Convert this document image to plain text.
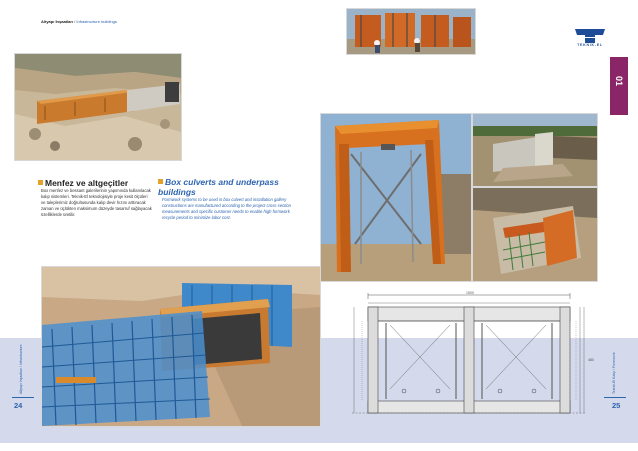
Altyapı İnşaatları / Infrastructure buildings
TEKNIK-EL
01
Menfez ve altgeçitler
Box menfez ve bessant galerilerinin yapımında kullanılacak kalıp sistemleri. Teknik-El teknolojisiyle proje kesit ölçüleri ve taleplerimiz doğrultusunda kalıp devir hızını arttıracak zaman ve üçlükten maksimum düzeyde tasarruf sağlayacak özelliklerde üretilir.
Box culverts and underpass buildings
Formwork systems to be used in box culvert and installation gallery constructions are manufactured according to the project cross section measurements and specific customer needs to enable high formwork recycle period to minimize labor cost.
1500
480
Altyapı İnşaatları / Infrastructure	Teknik-El Kalıp / Formwork
24	25
